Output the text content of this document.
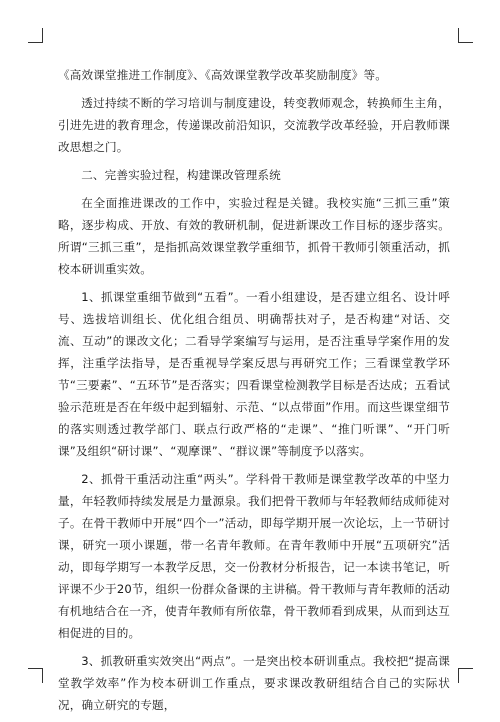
《高效课堂推进工作制度》、《高效课堂教学改革奖励制度》等。

透过持续不断的学习培训与制度建设，转变教师观念，转换师生主角，引进先进的教育理念，传递课改前沿知识，交流教学改革经验，开启教师课改思想之门。

二、完善实验过程，构建课改管理系统

在全面推进课改的工作中，实验过程是关键。我校实施“三抓三重”策略，逐步构成、开放、有效的教研机制，促进新课改工作目标的逐步落实。所谓“三抓三重”，是指抓高效课堂教学重细节，抓骨干教师引领重活动，抓校本研训重实效。

1、抓课堂重细节做到“五看”。一看小组建设，是否建立组名、设计呼号、选拔培训组长、优化组合组员、明确帮扶对子，是否构建“对话、交流、互动”的课改文化；二看导学案编写与运用，是否注重导学案作用的发挥，注重学法指导，是否重视导学案反思与再研究工作；三看课堂教学环节“三要素”、“五环节”是否落实；四看课堂检测教学目标是否达成；五看试验示范班是否在年级中起到辐射、示范、“以点带面”作用。而这些课堂细节的落实则透过教学部门、联点行政严格的“走课”、“推门听课”、“开门听课”及组织“研讨课”、“观摩课”、“群议课”等制度予以落实。

2、抓骨干重活动注重“两头”。学科骨干教师是课堂教学改革的中坚力量，年轻教师持续发展是力量源泉。我们把骨干教师与年轻教师结成师徒对子。在骨干教师中开展“四个一”活动，即每学期开展一次论坛，上一节研讨课，研究一项小课题，带一名青年教师。在青年教师中开展“五项研究”活动，即每学期写一本教学反思，交一份教材分析报告，记一本读书笔记，听评课不少于20节，组织一份群众备课的主讲稿。骨干教师与青年教师的活动有机地结合在一齐，使青年教师有所依靠，骨干教师看到成果，从而到达互相促进的目的。

3、抓教研重实效突出“两点”。一是突出校本研训重点。我校把“提高课堂教学效率”作为校本研训工作重点，要求课改教研组结合自己的实际状况，确立研究的专题，
